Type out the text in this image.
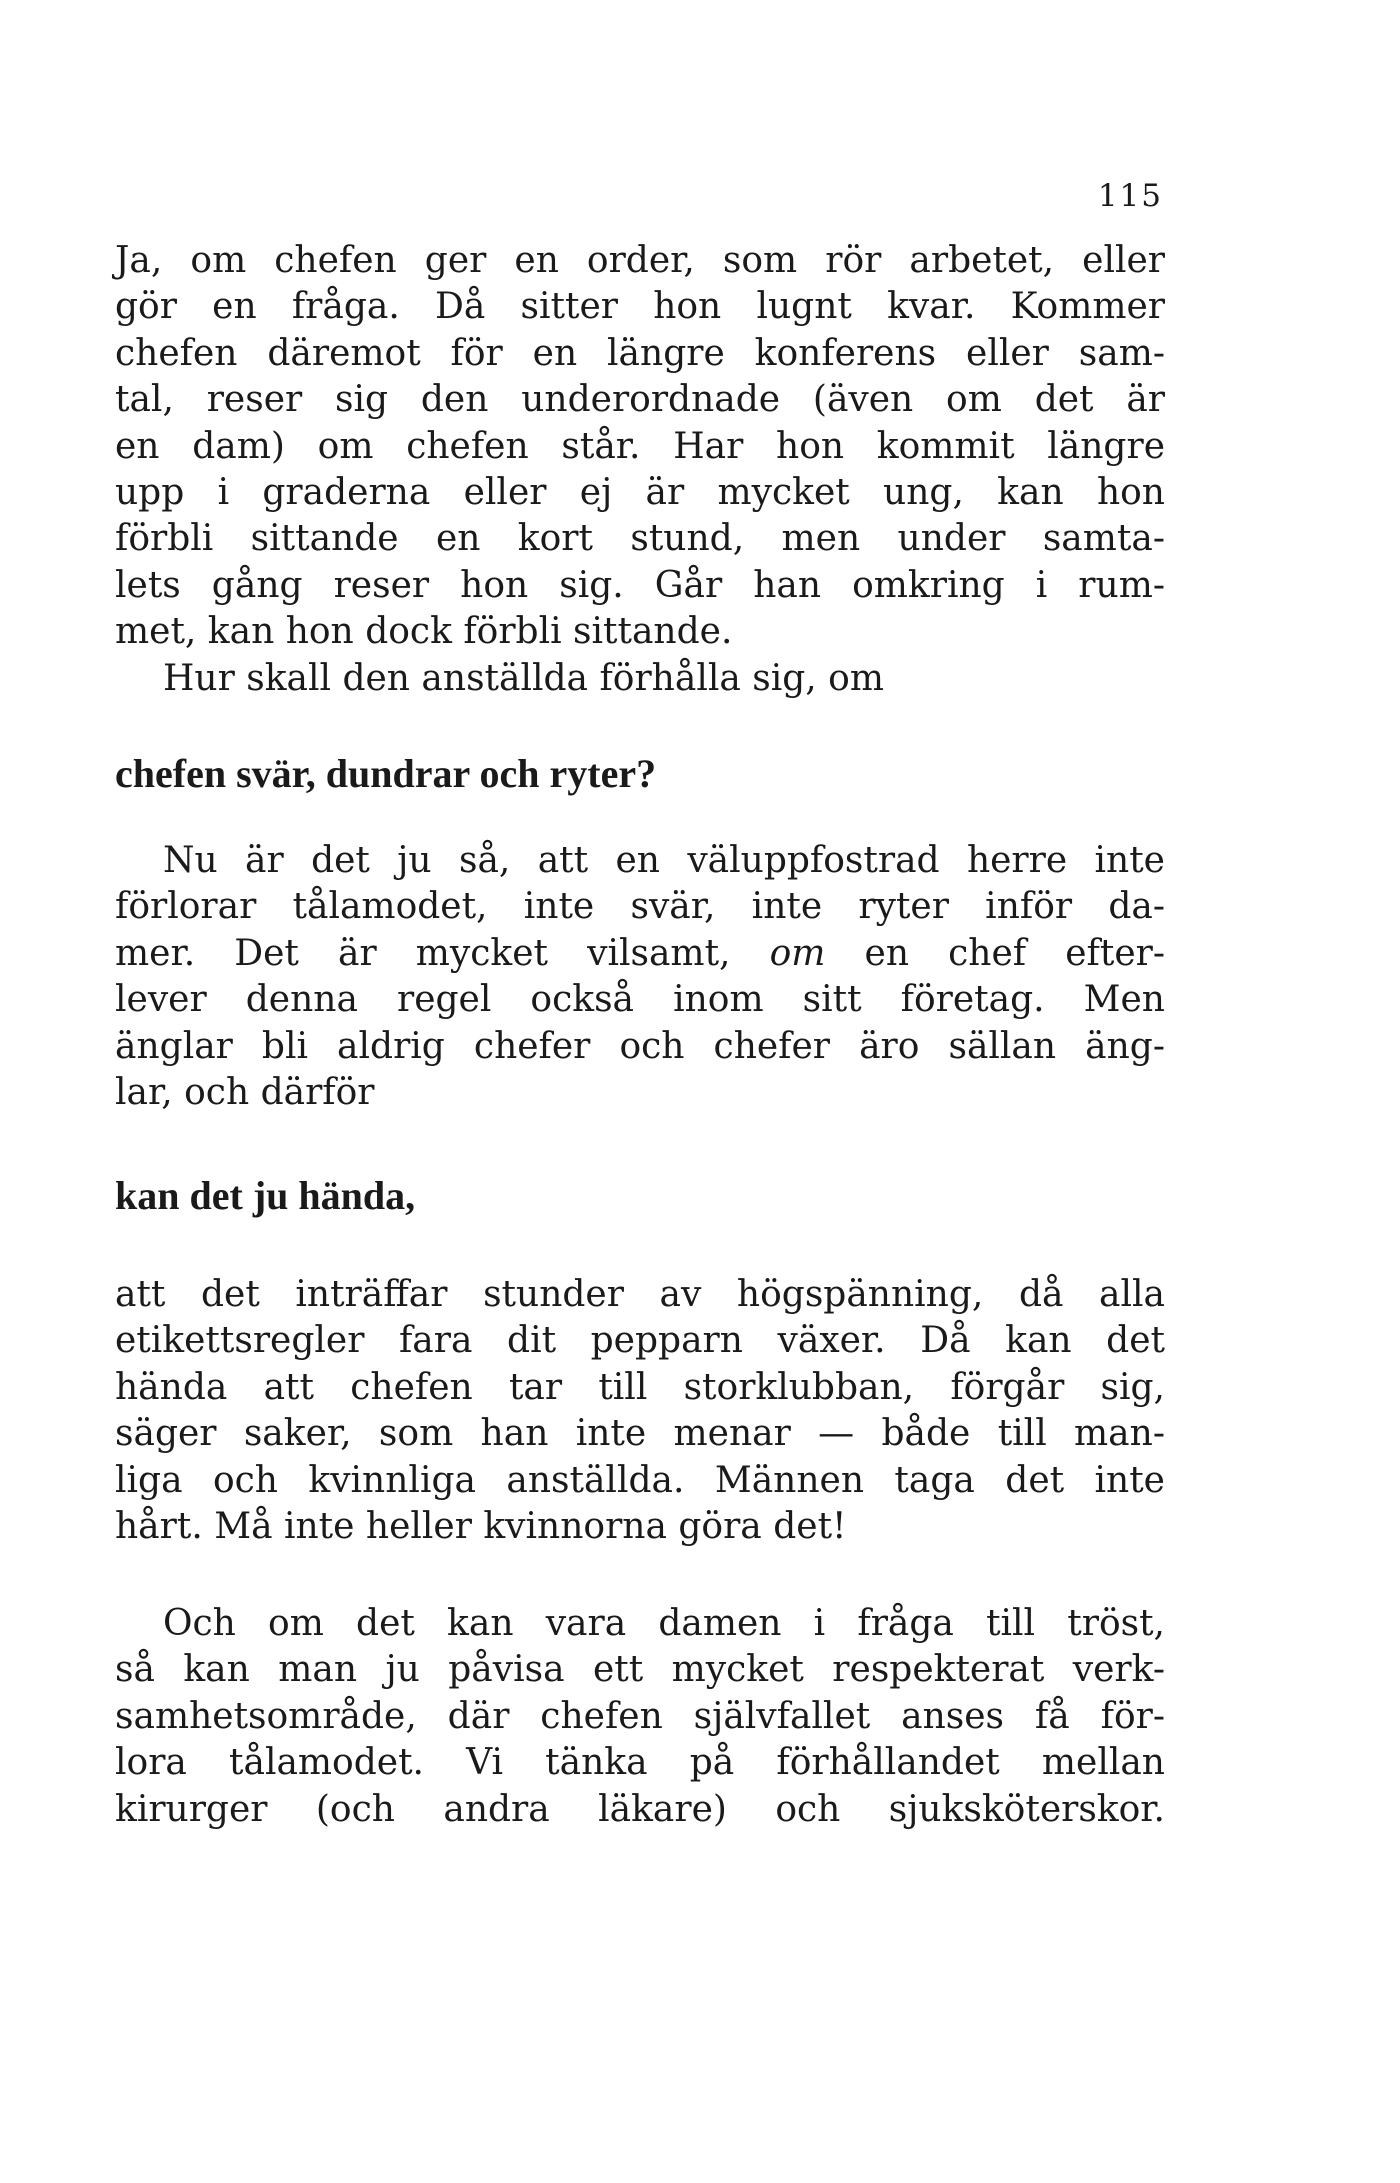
115
Ja, om chefen ger en order, som rör arbetet, eller
gör en fråga. Då sitter hon lugnt kvar. Kommer
chefen däremot för en längre konferens eller sam-
tal, reser sig den underordnade (även om det är
en dam) om chefen står. Har hon kommit längre
upp i graderna eller ej är mycket ung, kan hon
förbli sittande en kort stund, men under samta-
lets gång reser hon sig. Går han omkring i rum-
met, kan hon dock förbli sittande.
Hur skall den anställda förhålla sig, om
chefen svär, dundrar och ryter?
Nu är det ju så, att en väluppfostrad herre inte
förlorar tålamodet, inte svär, inte ryter inför da-
mer. Det är mycket vilsamt, om en chef efter-
lever denna regel också inom sitt företag. Men
änglar bli aldrig chefer och chefer äro sällan äng-
lar, och därför
kan det ju hända,
att det inträffar stunder av högspänning, då alla
etikettsregler fara dit pepparn växer. Då kan det
hända att chefen tar till storklubban, förgår sig,
säger saker, som han inte menar — både till man-
liga och kvinnliga anställda. Männen taga det inte
hårt. Må inte heller kvinnorna göra det!
Och om det kan vara damen i fråga till tröst,
så kan man ju påvisa ett mycket respekterat verk-
samhetsområde, där chefen självfallet anses få för-
lora tålamodet. Vi tänka på förhållandet mellan
kirurger (och andra läkare) och sjuksköterskor.
